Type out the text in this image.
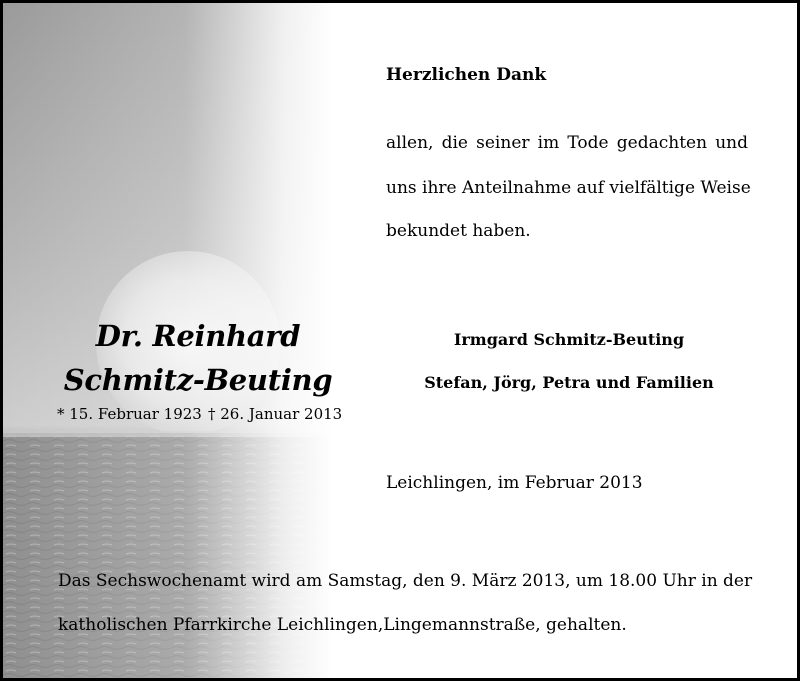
Herzlichen Dank
allen, die seiner im Tode gedachten und
uns ihre Anteilnahme auf vielfältige Weise
bekundet haben.
Dr. Reinhard
Schmitz-Beuting
* 15. Februar 1923 † 26. Januar 2013
Irmgard Schmitz-Beuting
Stefan, Jörg, Petra und Familien
Leichlingen, im Februar 2013
Das Sechswochenamt wird am Samstag, den 9. März 2013, um 18.00 Uhr in der
katholischen Pfarrkirche Leichlingen,Lingemannstraße, gehalten.
